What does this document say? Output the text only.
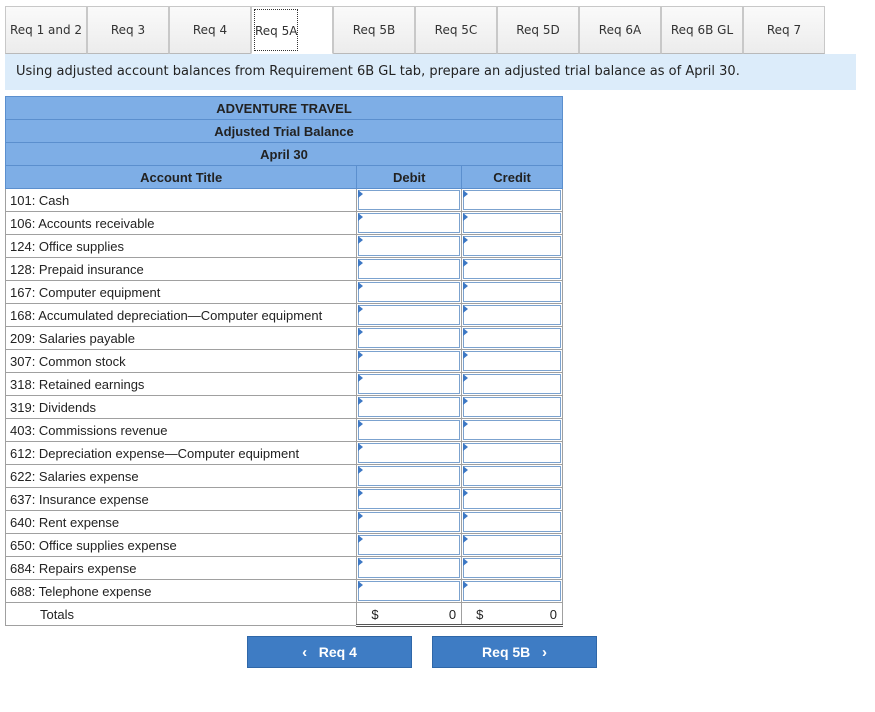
Req 1 and 2	Req 3	Req 4	Req 5A	Req 5B	Req 5C	Req 5D	Req 6A	Req 6B GL	Req 7
Using adjusted account balances from Requirement 6B GL tab, prepare an adjusted trial balance as of April 30.
ADVENTURE TRAVEL		
Adjusted Trial Balance		
April 30		
Account Title	Debit	Credit
101: Cash	

106: Accounts receivable	

124: Office supplies	

128: Prepaid insurance	

167: Computer equipment	

168: Accumulated depreciation—Computer equipment	

209: Salaries payable	

307: Common stock	

318: Retained earnings	

319: Dividends	

403: Commissions revenue	

612: Depreciation expense—Computer equipment	

622: Salaries expense	

637: Insurance expense	

640: Rent expense	

650: Office supplies expense	

684: Repairs expense	

688: Telephone expense	

Totals	$ 0	$ 0
‹ Req 4	Req 5B ›
